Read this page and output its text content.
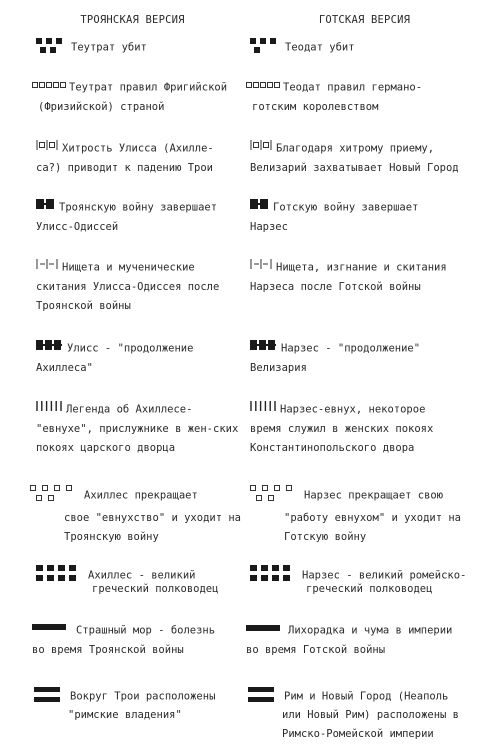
ТРОЯНСКАЯ ВЕРСИЯ	ГОТСКАЯ ВЕРСИЯ
Теутрат убит	Теодат убит
Теутрат правил Фригийской
(Фризийской) страной
Теодат правил германо-
готским королевством
Хитрость Улисса (Ахилле-
са?) приводит к падению Трои
Благодаря хитрому приему,
Велизарий захватывает Новый Город
Троянскую войну завершает
Улисс-Одиссей
Готскую войну завершает
Нарзес
Нищета и мученические
скитания Улисса-Одиссея после Троянской войны
Нищета, изгнание и скитания
Нарзеса после Готской войны
Улисс - "продолжение
Ахиллеса"
Нарзес - "продолжение"
Велизария
Легенда об Ахиллесе-
"евнухе", прислужнике в жен-ских покоях царского дворца
Нарзес-евнух, некоторое
время служил в женских покоях Константинопольского двора
Ахиллес прекращает
свое "евнухство" и уходит на Троянскую войну
Нарзес прекращает свою
"работу евнухом" и уходит на Готскую войну
Ахиллес - великий
греческий полководец
Нарзес - великий ромейско-
греческий полководец
Страшный мор - болезнь
во время Троянской войны
Лихорадка и чума в империи
во время Готской войны
Вокруг Трои расположены
"римские владения"
Рим и Новый Город (Неаполь
или Новый Рим) расположены в Римско-Ромейской империи
